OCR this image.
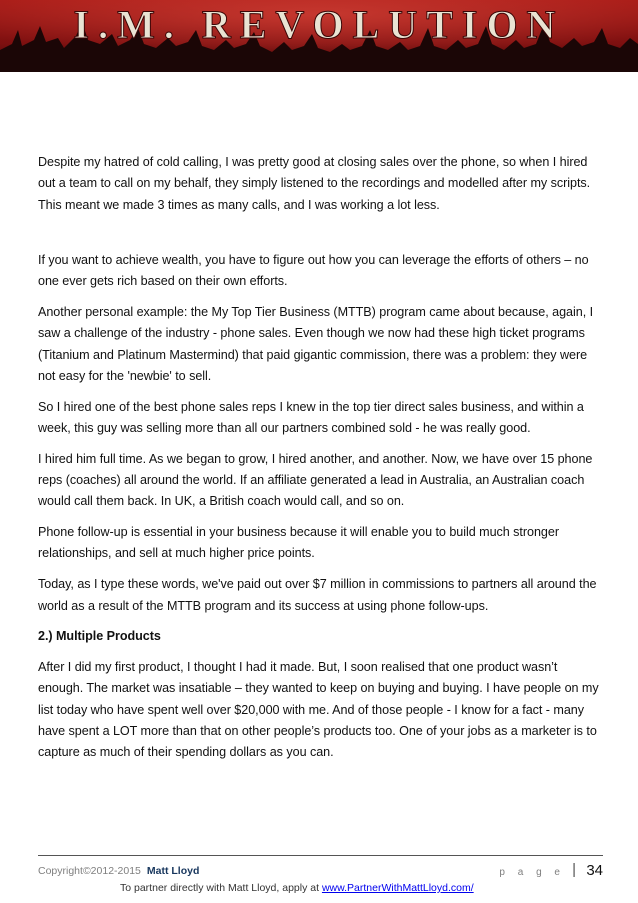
I.M. REVOLUTION

Despite my hatred of cold calling, I was pretty good at closing sales over the phone, so when I hired out a team to call on my behalf, they simply listened to the recordings and modelled after my scripts. This meant we made 3 times as many calls, and I was working a lot less.

If you want to achieve wealth, you have to figure out how you can leverage the efforts of others – no one ever gets rich based on their own efforts.

Another personal example: the My Top Tier Business (MTTB) program came about because, again, I saw a challenge of the industry - phone sales. Even though we now had these high ticket programs (Titanium and Platinum Mastermind) that paid gigantic commission, there was a problem: they were not easy for the 'newbie' to sell.

So I hired one of the best phone sales reps I knew in the top tier direct sales business, and within a week, this guy was selling more than all our partners combined sold - he was really good.

I hired him full time. As we began to grow, I hired another, and another. Now, we have over 15 phone reps (coaches) all around the world. If an affiliate generated a lead in Australia, an Australian coach would call them back. In UK, a British coach would call, and so on.

Phone follow-up is essential in your business because it will enable you to build much stronger relationships, and sell at much higher price points.

Today, as I type these words, we've paid out over $7 million in commissions to partners all around the world as a result of the MTTB program and its success at using phone follow-ups.

2.) Multiple Products

After I did my first product, I thought I had it made. But, I soon realised that one product wasn’t enough. The market was insatiable – they wanted to keep on buying and buying. I have people on my list today who have spent well over $20,000 with me. And of those people - I know for a fact - many have spent a LOT more than that on other people’s products too. One of your jobs as a marketer is to capture as much of their spending dollars as you can.

Copyright©2012-2015 Matt Lloyd	p a g e | 34
To partner directly with Matt Lloyd, apply at www.PartnerWithMattLloyd.com/
